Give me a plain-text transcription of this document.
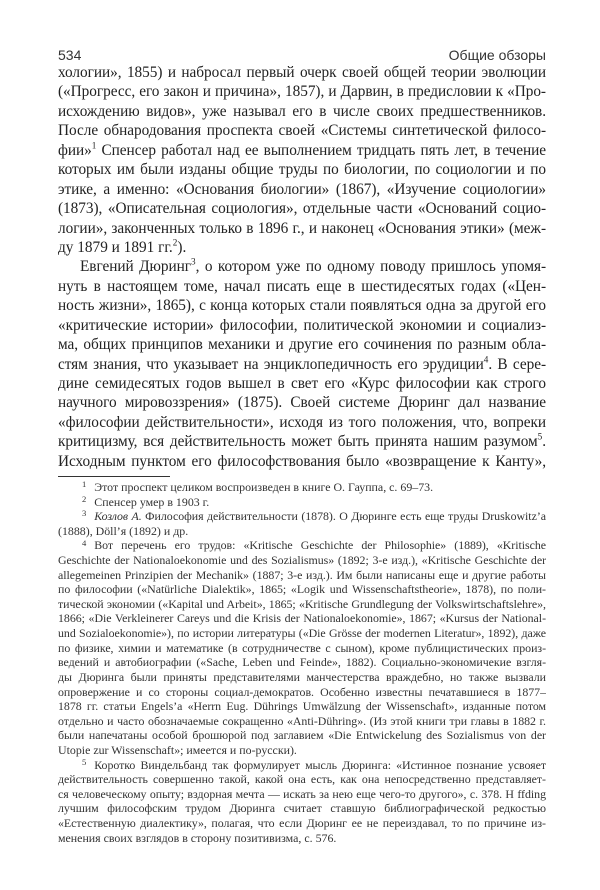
534	Общие обзоры
хологии», 1855) и набросал первый очерк своей общей теории эволюции
(«Прогресс, его закон и причина», 1857), и Дарвин, в предисловии к «Про-
исхождению видов», уже называл его в числе своих предшественников.
После обнародования проспекта своей «Системы синтетической филосо-
фии»$^1$ Спенсер работал над ее выполнением тридцать пять лет, в течение
которых им были изданы общие труды по биологии, по социологии и по
этике, а именно: «Основания биологии» (1867), «Изучение социологии»
(1873), «Описательная социология», отдельные части «Оснований социо-
логии», законченных только в 1896 г., и наконец «Основания этики» (меж-
ду 1879 и 1891 гг.$^2$).
Евгений Дюринг$^3$, о котором уже по одному поводу пришлось упомя-
нуть в настоящем томе, начал писать еще в шестидесятых годах («Цен-
ность жизни», 1865), с конца которых стали появляться одна за другой его
«критические истории» философии, политической экономии и социализ-
ма, общих принципов механики и другие его сочинения по разным обла-
стям знания, что указывает на энциклопедичность его эрудиции$^4$. В сере-
дине семидесятых годов вышел в свет его «Курс философии как строго
научного мировоззрения» (1875). Своей системе Дюринг дал название
«философии действительности», исходя из того положения, что, вопреки
критицизму, вся действительность может быть принята нашим разумом$^5$.
Исходным пунктом его философствования было «возвращение к Канту»,
$^1$ Этот проспект целиком воспроизведен в книге О. Гауппа, с. 69–73.
$^2$ Спенсер умер в 1903 г.
$^3$ Козлов А. Философия действительности (1878). О Дюринге есть еще труды Druskowitz’a
(1888), Döll’я (1892) и др.
$^4$ Вот перечень его трудов: «Kritische Geschichte der Philosophie» (1889), «Kritische
Geschichte der Nationaloekonomie und des Sozialismus» (1892; 3-е изд.), «Kritische Geschichte der
allegemeinen Prinzipien der Mechanik» (1887; 3-е изд.). Им были написаны еще и другие работы
по философии («Natürliche Dialektik», 1865; «Logik und Wissenschaftstheorie», 1878), по поли-
тической экономии («Kapital und Arbeit», 1865; «Kritische Grundlegung der Volkswirtschaftslehre»,
1866; «Die Verkleinerer Careys und die Krisis der Nationaloekonomie», 1867; «Kursus der National-
und Sozialoekonomie»), по истории литературы («Die Grösse der modernen Literatur», 1892), даже
по физике, химии и математике (в сотрудничестве с сыном), кроме публицистических произ-
ведений и автобиографии («Sache, Leben und Feinde», 1882). Социально-экономичекие взгля-
ды Дюринга были приняты представителями манчестерства враждебно, но также вызвали
опровержение и со стороны социал-демократов. Особенно известны печатавшиеся в 1877–
1878 гг. статьи Engels’a «Herrn Eug. Dührings Umwälzung der Wissenschaft», изданные потом
отдельно и часто обозначаемые сокращенно «Anti-Dühring». (Из этой книги три главы в 1882 г.
были напечатаны особой брошюрой под заглавием «Die Entwickelung des Sozialismus von der
Utopie zur Wissenschaft»; имеется и по-русски).
$^5$ Коротко Виндельбанд так формулирует мысль Дюринга: «Истинное познание усвояет
действительность совершенно такой, какой она есть, как она непосредственно представляет-
ся человеческому опыту; вздорная мечта — искать за нею еще чего-то другого», с. 378. Н ffding
лучшим философским трудом Дюринга считает ставшую библиографической редкостью
«Естественную диалектику», полагая, что если Дюринг ее не переиздавал, то по причине из-
менения своих взглядов в сторону позитивизма, с. 576.
